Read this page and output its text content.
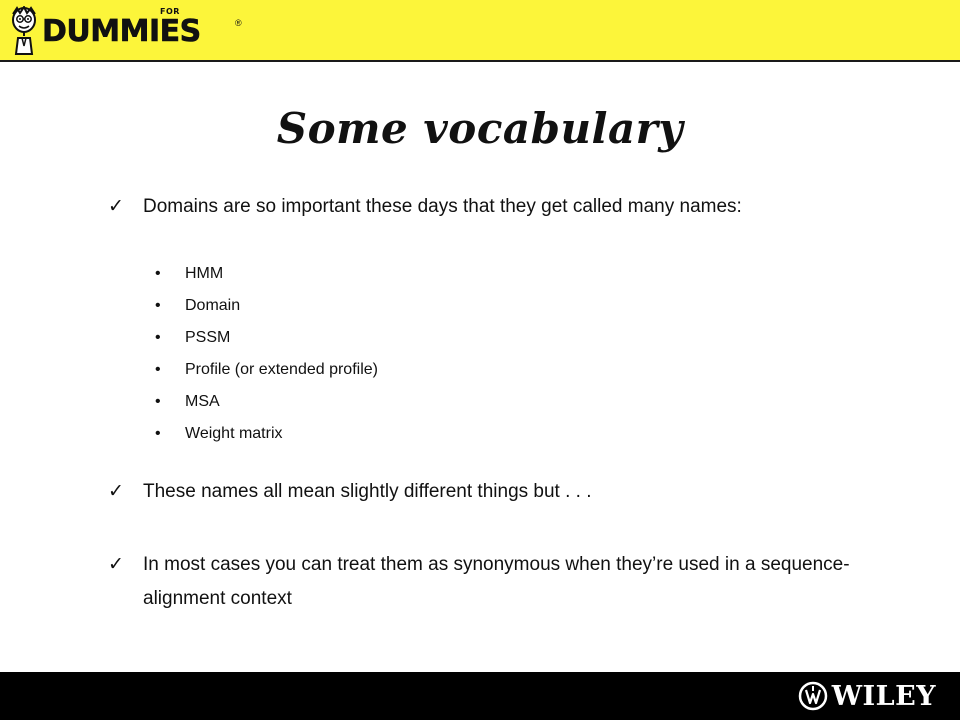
FOR
DUMMIES	®
Some vocabulary
✓	Domains are so important these days that they get called many names:
• HMM
• Domain
• PSSM
• Profile (or extended profile)
• MSA
• Weight matrix
✓	These names all mean slightly different things but . . .
✓	In most cases you can treat them as synonymous when they’re used in a sequence-alignment context
WILEY
